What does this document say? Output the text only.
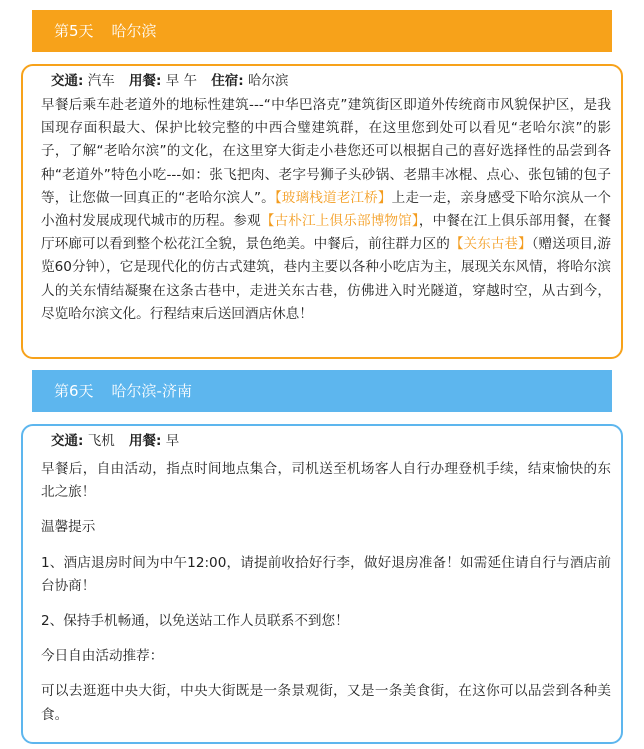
第5天 哈尔滨
交通: 汽车 用餐: 早 午 住宿: 哈尔滨

早餐后乘车赴老道外的地标性建筑---“中华巴洛克”建筑街区即道外传统商市风貌保护区，是我国现存面积最大、保护比较完整的中西合璧建筑群，在这里您到处可以看见“老哈尔滨”的影子，了解“老哈尔滨”的文化，在这里穿大街走小巷您还可以根据自己的喜好选择性的品尝到各种“老道外”特色小吃---如：张飞把肉、老字号狮子头砂锅、老鼎丰冰棍、点心、张包铺的包子等，让您做一回真正的“老哈尔滨人”。【玻璃栈道老江桥】上走一走，亲身感受下哈尔滨从一个小渔村发展成现代城市的历程。参观【古朴江上俱乐部博物馆】，中餐在江上俱乐部用餐，在餐厅环廊可以看到整个松花江全貌，景色绝美。中餐后，前往群力区的【关东古巷】（赠送项目,游览60分钟），它是现代化的仿古式建筑，巷内主要以各种小吃店为主，展现关东风情，将哈尔滨人的关东情结凝聚在这条古巷中，走进关东古巷，仿佛进入时光隧道，穿越时空，从古到今，尽览哈尔滨文化。行程结束后送回酒店休息！

第6天 哈尔滨-济南
交通: 飞机 用餐: 早

早餐后，自由活动，指点时间地点集合，司机送至机场客人自行办理登机手续，结束愉快的东北之旅！

温馨提示

1、酒店退房时间为中午12:00，请提前收拾好行李，做好退房准备！如需延住请自行与酒店前台协商！

2、保持手机畅通，以免送站工作人员联系不到您！

今日自由活动推荐：

可以去逛逛中央大街，中央大街既是一条景观街，又是一条美食街，在这你可以品尝到各种美食。
